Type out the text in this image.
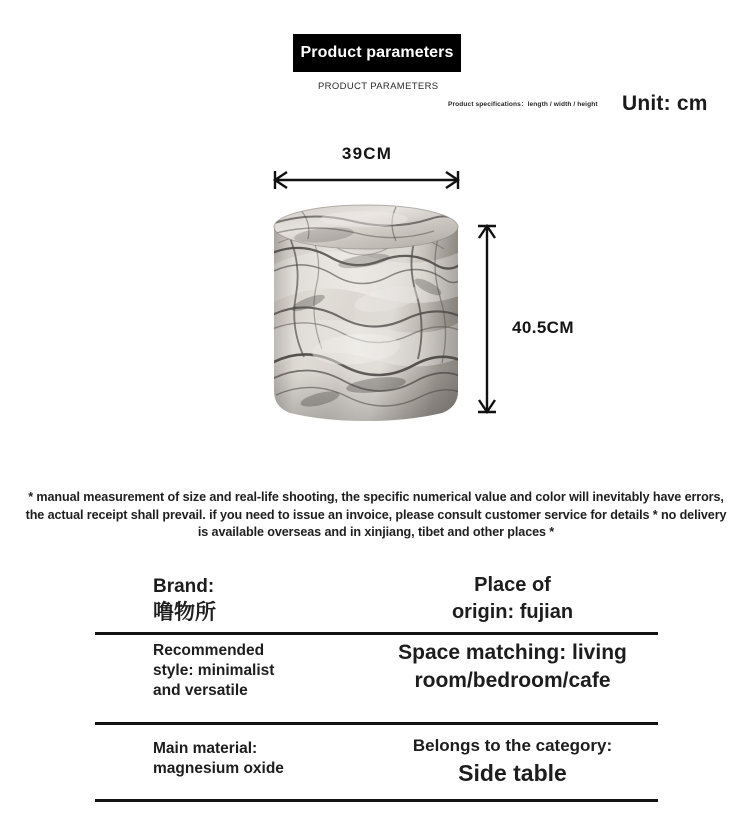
Product parameters
PRODUCT PARAMETERS
Product specifications：length / width / height Unit: cm
39CM
40.5CM
* manual measurement of size and real-life shooting, the specific numerical value and color will inevitably have errors, the actual receipt shall prevail. if you need to issue an invoice, please consult customer service for details * no delivery is available overseas and in xinjiang, tibet and other places *
Brand:
噜物所
Place of
origin: fujian
Recommended
style: minimalist
and versatile
Space matching: living
room/bedroom/cafe
Main material:
magnesium oxide
Belongs to the category:
Side table
